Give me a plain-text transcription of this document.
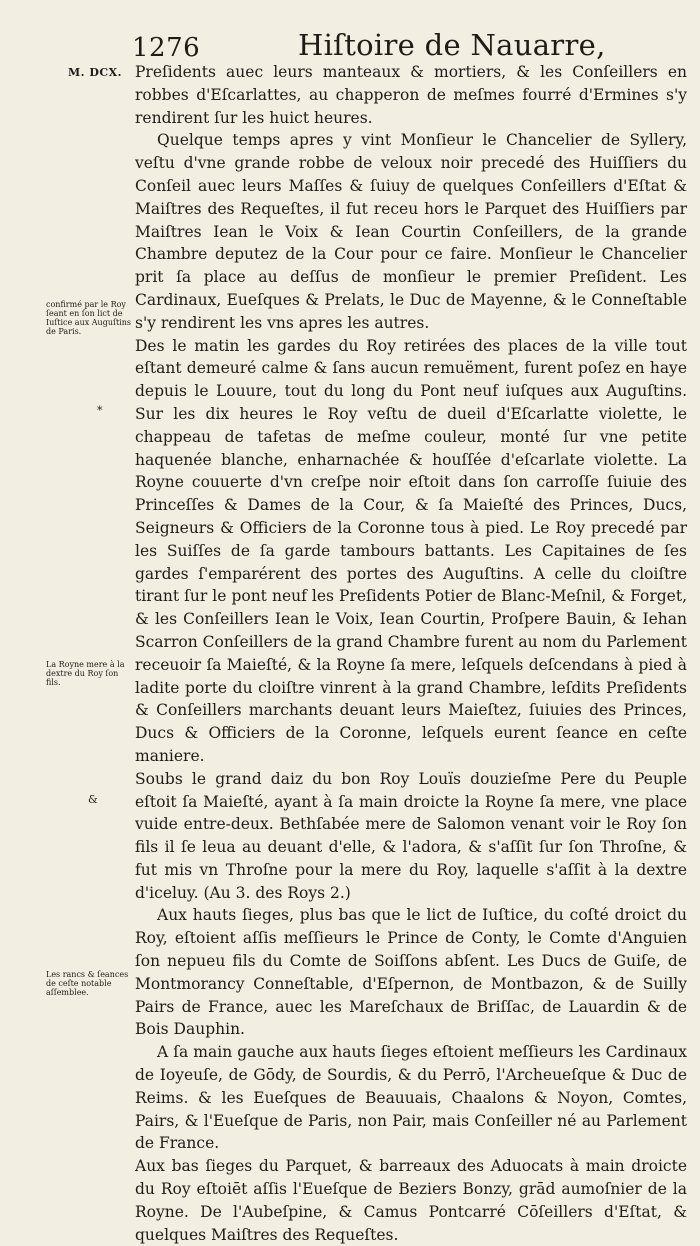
1276	Hiſtoire de Nauarre,
M. DCX. Preſidents auec leurs manteaux & mortiers, & les Conſeillers en robbes d'Eſcarlattes, au chapperon de meſmes fourré d'Ermines s'y rendirent ſur les huict heures.

Quelque temps apres y vint Monſieur le Chancelier de Syllery, veſtu d'vne grande robbe de veloux noir precedé des Huiſſiers du Conſeil auec leurs Maſſes & ſuiuy de quelques Conſeillers d'Eſtat & Maiſtres des Requeſtes, il fut receu hors le Parquet des Huiſſiers par Maiſtres Iean le Voix & Iean Courtin Conſeillers, de la grande Chambre deputez de la Cour pour ce faire. Monſieur le Chancelier prit ſa place au deſſus de monſieur le premier Preſident. Les Cardinaux, Eueſques & Prelats, le Duc de Mayenne, & le Conneſtable s'y rendirent les vns apres les autres.

Des le matin les gardes du Roy retirées des places de la ville tout eſtant demeuré calme & ſans aucun remuëment, furent poſez en haye depuis le Louure, tout du long du Pont neuf iuſques aux Auguſtins. Sur les dix heures le Roy veſtu de dueil d'Eſcarlatte violette, le chappeau de tafetas de meſme couleur, monté ſur vne petite haquenée blanche, enharnachée & houſſée d'eſcarlate violette. La Royne couuerte d'vn creſpe noir eſtoit dans ſon carroſſe ſuiuie des Princeſſes & Dames de la Cour, & ſa Maieſté des Princes, Ducs, Seigneurs & Officiers de la Coronne tous à pied. Le Roy precedé par les Suiſſes de ſa garde tambours battants. Les Capitaines de ſes gardes ſ'emparérent des portes des Auguſtins. A celle du cloiſtre tirant ſur le pont neuf les Preſidents Potier de Blanc-Meſnil, & Forget, & les Conſeillers Iean le Voix, Iean Courtin, Proſpere Bauin, & Iehan Scarron Conſeillers de la grand Chambre furent au nom du Parlement receuoir ſa Maieſté, & la Royne ſa mere, leſquels deſcendans à pied à ladite porte du cloiſtre vinrent à la grand Chambre, leſdits Preſidents & Conſeillers marchants deuant leurs Maieſtez, ſuiuies des Princes, Ducs & Officiers de la Coronne, leſquels eurent ſeance en ceſte maniere.

Soubs le grand daiz du bon Roy Louïs douzieſme Pere du Peuple eſtoit ſa Maieſté, ayant à ſa main droicte la Royne ſa mere, vne place vuide entre-deux. Bethſabée mere de Salomon venant voir le Roy ſon fils il ſe leua au deuant d'elle, & l'adora, & s'aſſit ſur ſon Throſne, & fut mis vn Throſne pour la mere du Roy, laquelle s'aſſit à la dextre d'iceluy. (Au 3. des Roys 2.)

Aux hauts ſieges, plus bas que le lict de Iuſtice, du coſté droict du Roy, eſtoient aſſis meſſieurs le Prince de Conty, le Comte d'Anguien ſon nepueu fils du Comte de Soiſſons abſent. Les Ducs de Guiſe, de Montmorancy Conneſtable, d'Eſpernon, de Montbazon, & de Suilly Pairs de France, auec les Mareſchaux de Briſſac, de Lauardin & de Bois Dauphin.

A ſa main gauche aux hauts ſieges eſtoient meſſieurs les Cardinaux de Ioyeuſe, de Gōdy, de Sourdis, & du Perrō, l'Archeueſque & Duc de Reims. & les Eueſques de Beauuais, Chaalons & Noyon, Comtes, Pairs, & l'Eueſque de Paris, non Pair, mais Conſeiller né au Parlement de France.

Aux bas ſieges du Parquet, & barreaux des Aduocats à main droicte du Roy eſtoiēt aſſis l'Eueſque de Beziers Bonzy, grād aumoſnier de la Royne. De l'Aubeſpine, & Camus Pontcarré Cōſeillers d'Eſtat, & quelques Maiſtres des Requeſtes.

confirmé par le Roy ſeant en ſon lict de Iuſtice aux Auguſtins de Paris.
La Royne mere à la dextre du Roy ſon fils.
Les rancs & ſeances de ceſte notable aſſemblee.
*
&
